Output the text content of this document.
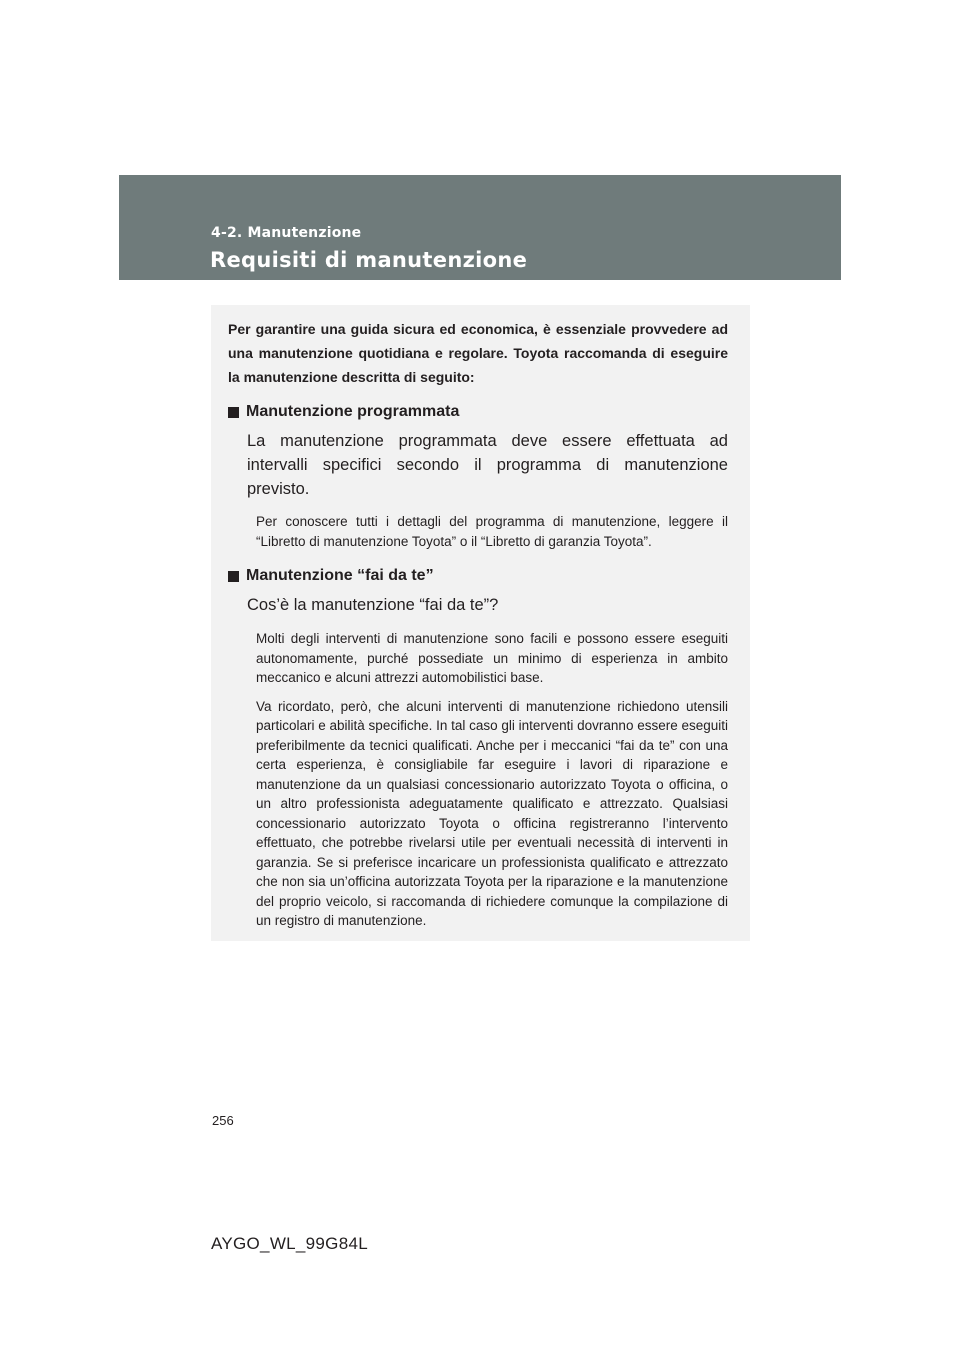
4-2. Manutenzione

Requisiti di manutenzione

Per garantire una guida sicura ed economica, è essenziale provvedere ad una manutenzione quotidiana e regolare. Toyota raccomanda di eseguire la manutenzione descritta di seguito:

Manutenzione programmata

La manutenzione programmata deve essere effettuata ad intervalli specifici secondo il programma di manutenzione previsto.

Per conoscere tutti i dettagli del programma di manutenzione, leggere il “Libretto di manutenzione Toyota” o il “Libretto di garanzia Toyota”.

Manutenzione “fai da te”

Cos’è la manutenzione “fai da te”?

Molti degli interventi di manutenzione sono facili e possono essere eseguiti autonomamente, purché possediate un minimo di esperienza in ambito meccanico e alcuni attrezzi automobilistici base.

Va ricordato, però, che alcuni interventi di manutenzione richiedono utensili particolari e abilità specifiche. In tal caso gli interventi dovranno essere eseguiti preferibilmente da tecnici qualificati. Anche per i meccanici “fai da te” con una certa esperienza, è consigliabile far eseguire i lavori di riparazione e manutenzione da un qualsiasi concessionario autorizzato Toyota o officina, o un altro professionista adeguatamente qualificato e attrezzato. Qualsiasi concessionario autorizzato Toyota o officina registreranno l’intervento effettuato, che potrebbe rivelarsi utile per eventuali necessità di interventi in garanzia. Se si preferisce incaricare un professionista qualificato e attrezzato che non sia un’officina autorizzata Toyota per la riparazione e la manutenzione del proprio veicolo, si raccomanda di richiedere comunque la compilazione di un registro di manutenzione.

256

AYGO_WL_99G84L
